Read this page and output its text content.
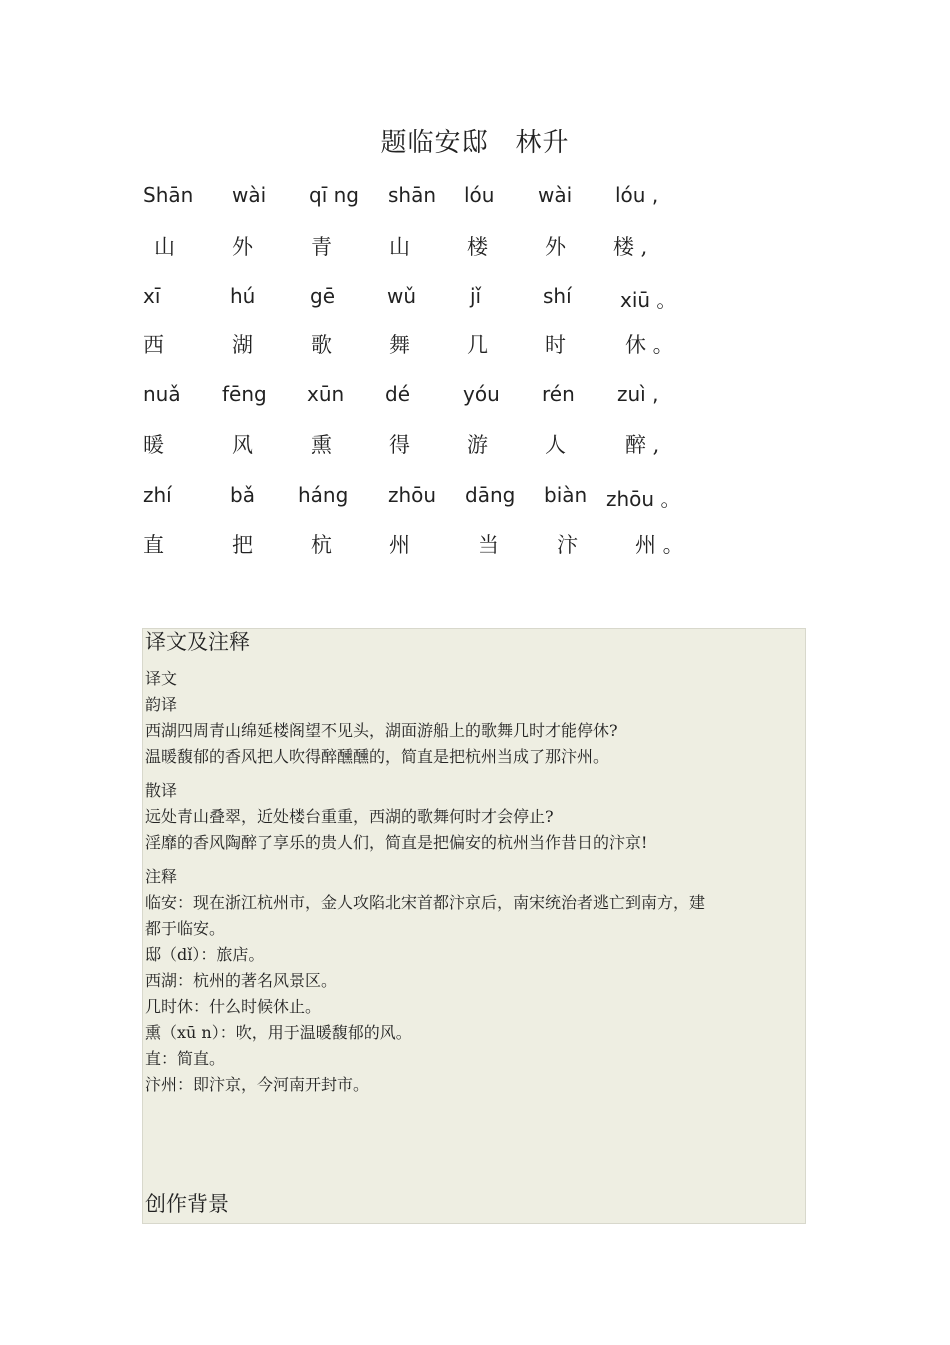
题临安邸　林升
Shān wài qī ng shān lóu wài lóu ,
山	外	青	山	楼	外 楼 ,
xī	hú	gē	wǔ	jǐ	shí xiū 。
西	湖	歌	舞	几	时	休 。
nuǎ fēng xūn dé	yóu rén zuì ,
暖	风	熏	得	游	人	醉 ,
zhí	bǎ háng zhōu dāng biàn zhōu 。
直	把	杭	州	当	汴	州 。
译文及注释
译文
韵译
西湖四周青山绵延楼阁望不见头，湖面游船上的歌舞几时才能停休?
温暖馥郁的香风把人吹得醉醺醺的，简直是把杭州当成了那汴州。
散译
远处青山叠翠，近处楼台重重，西湖的歌舞何时才会停止?
淫靡的香风陶醉了享乐的贵人们，简直是把偏安的杭州当作昔日的汴京!
注释
临安：现在浙江杭州市，金人攻陷北宋首都汴京后，南宋统治者逃亡到南方，建
都于临安。
邸（dǐ）：旅店。
西湖：杭州的著名风景区。
几时休：什么时候休止。
熏（xū n）：吹，用于温暖馥郁的风。
直：简直。
汴州：即汴京，今河南开封市。
创作背景
